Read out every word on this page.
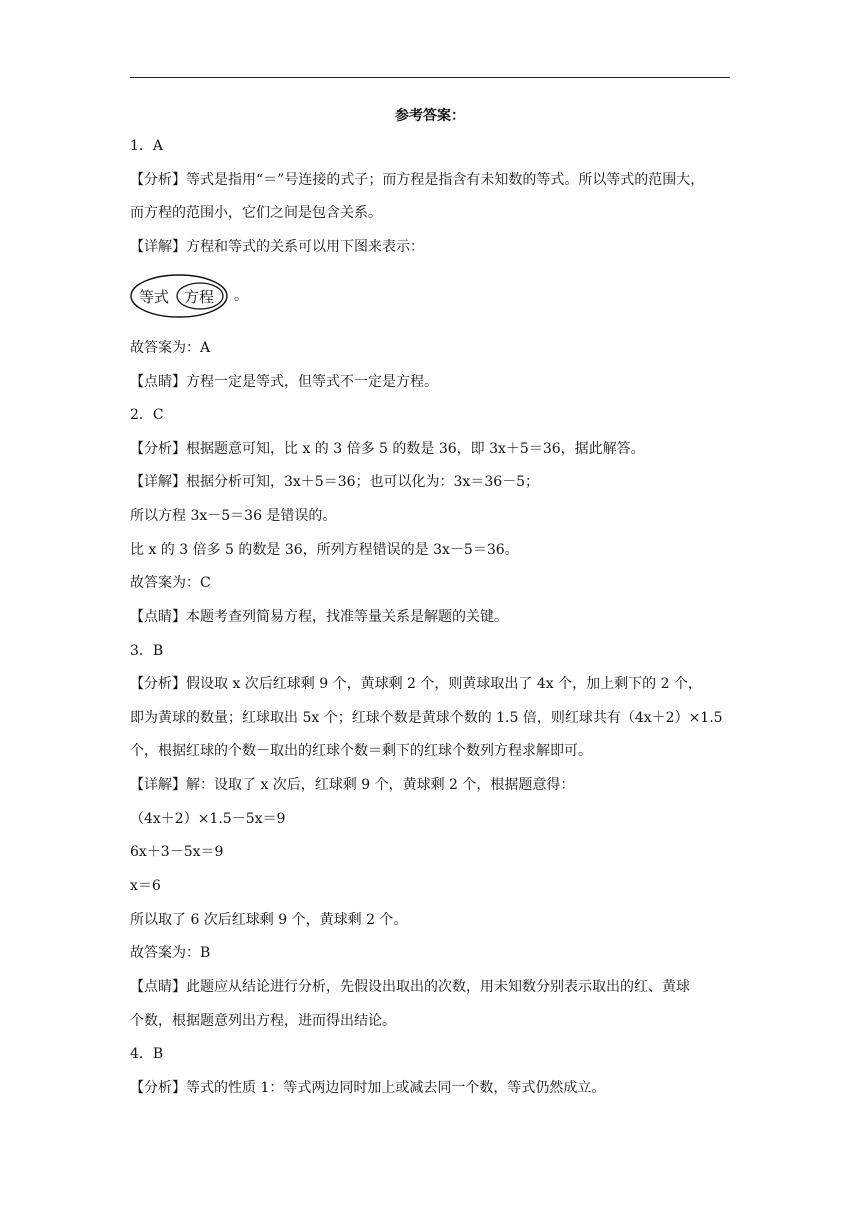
参考答案：
1．A
【分析】等式是指用“＝”号连接的式子；而方程是指含有未知数的等式。所以等式的范围大，
而方程的范围小，它们之间是包含关系。
【详解】方程和等式的关系可以用下图来表示：
等式 方程 。
故答案为：A
【点睛】方程一定是等式，但等式不一定是方程。
2．C
【分析】根据题意可知，比 x 的 3 倍多 5 的数是 36，即 3x＋5＝36，据此解答。
【详解】根据分析可知，3x＋5＝36；也可以化为：3x＝36－5；
所以方程 3x－5＝36 是错误的。
比 x 的 3 倍多 5 的数是 36，所列方程错误的是 3x－5＝36。
故答案为：C
【点睛】本题考查列简易方程，找准等量关系是解题的关键。
3．B
【分析】假设取 x 次后红球剩 9 个，黄球剩 2 个，则黄球取出了 4x 个，加上剩下的 2 个，
即为黄球的数量；红球取出 5x 个；红球个数是黄球个数的 1.5 倍，则红球共有（4x＋2）×1.5
个，根据红球的个数－取出的红球个数＝剩下的红球个数列方程求解即可。
【详解】解：设取了 x 次后，红球剩 9 个，黄球剩 2 个，根据题意得：
（4x＋2）×1.5－5x＝9
6x＋3－5x＝9
x＝6
所以取了 6 次后红球剩 9 个，黄球剩 2 个。
故答案为：B
【点睛】此题应从结论进行分析，先假设出取出的次数，用未知数分别表示取出的红、黄球
个数，根据题意列出方程，进而得出结论。
4．B
【分析】等式的性质 1：等式两边同时加上或减去同一个数，等式仍然成立。
